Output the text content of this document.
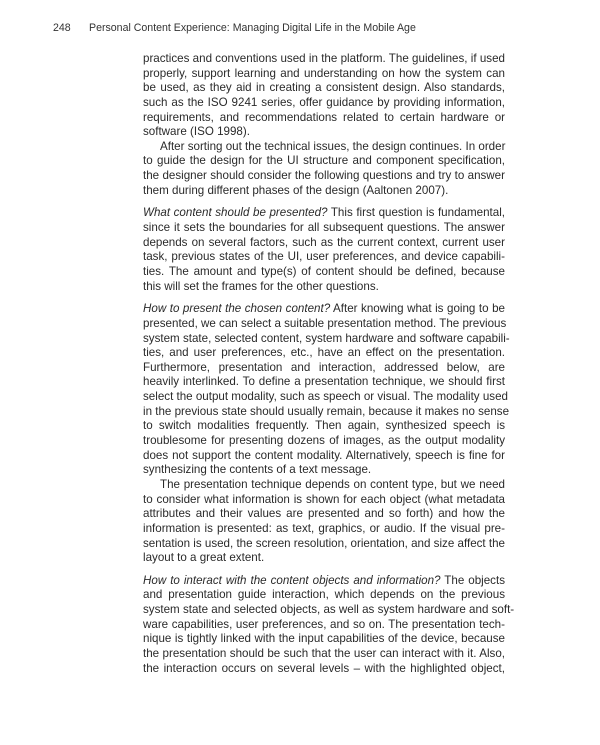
248 Personal Content Experience: Managing Digital Life in the Mobile Age
practices and conventions used in the platform. The guidelines, if used
properly, support learning and understanding on how the system can
be used, as they aid in creating a consistent design. Also standards,
such as the ISO 9241 series, offer guidance by providing information,
requirements, and recommendations related to certain hardware or
software (ISO 1998).
After sorting out the technical issues, the design continues. In order
to guide the design for the UI structure and component specification,
the designer should consider the following questions and try to answer
them during different phases of the design (Aaltonen 2007).
What content should be presented? This first question is fundamental,
since it sets the boundaries for all subsequent questions. The answer
depends on several factors, such as the current context, current user
task, previous states of the UI, user preferences, and device capabili-
ties. The amount and type(s) of content should be defined, because
this will set the frames for the other questions.
How to present the chosen content? After knowing what is going to be
presented, we can select a suitable presentation method. The previous
system state, selected content, system hardware and software capabili-
ties, and user preferences, etc., have an effect on the presentation.
Furthermore, presentation and interaction, addressed below, are
heavily interlinked. To define a presentation technique, we should first
select the output modality, such as speech or visual. The modality used
in the previous state should usually remain, because it makes no sense
to switch modalities frequently. Then again, synthesized speech is
troublesome for presenting dozens of images, as the output modality
does not support the content modality. Alternatively, speech is fine for
synthesizing the contents of a text message.
The presentation technique depends on content type, but we need
to consider what information is shown for each object (what metadata
attributes and their values are presented and so forth) and how the
information is presented: as text, graphics, or audio. If the visual pre-
sentation is used, the screen resolution, orientation, and size affect the
layout to a great extent.
How to interact with the content objects and information? The objects
and presentation guide interaction, which depends on the previous
system state and selected objects, as well as system hardware and soft-
ware capabilities, user preferences, and so on. The presentation tech-
nique is tightly linked with the input capabilities of the device, because
the presentation should be such that the user can interact with it. Also,
the interaction occurs on several levels – with the highlighted object,
